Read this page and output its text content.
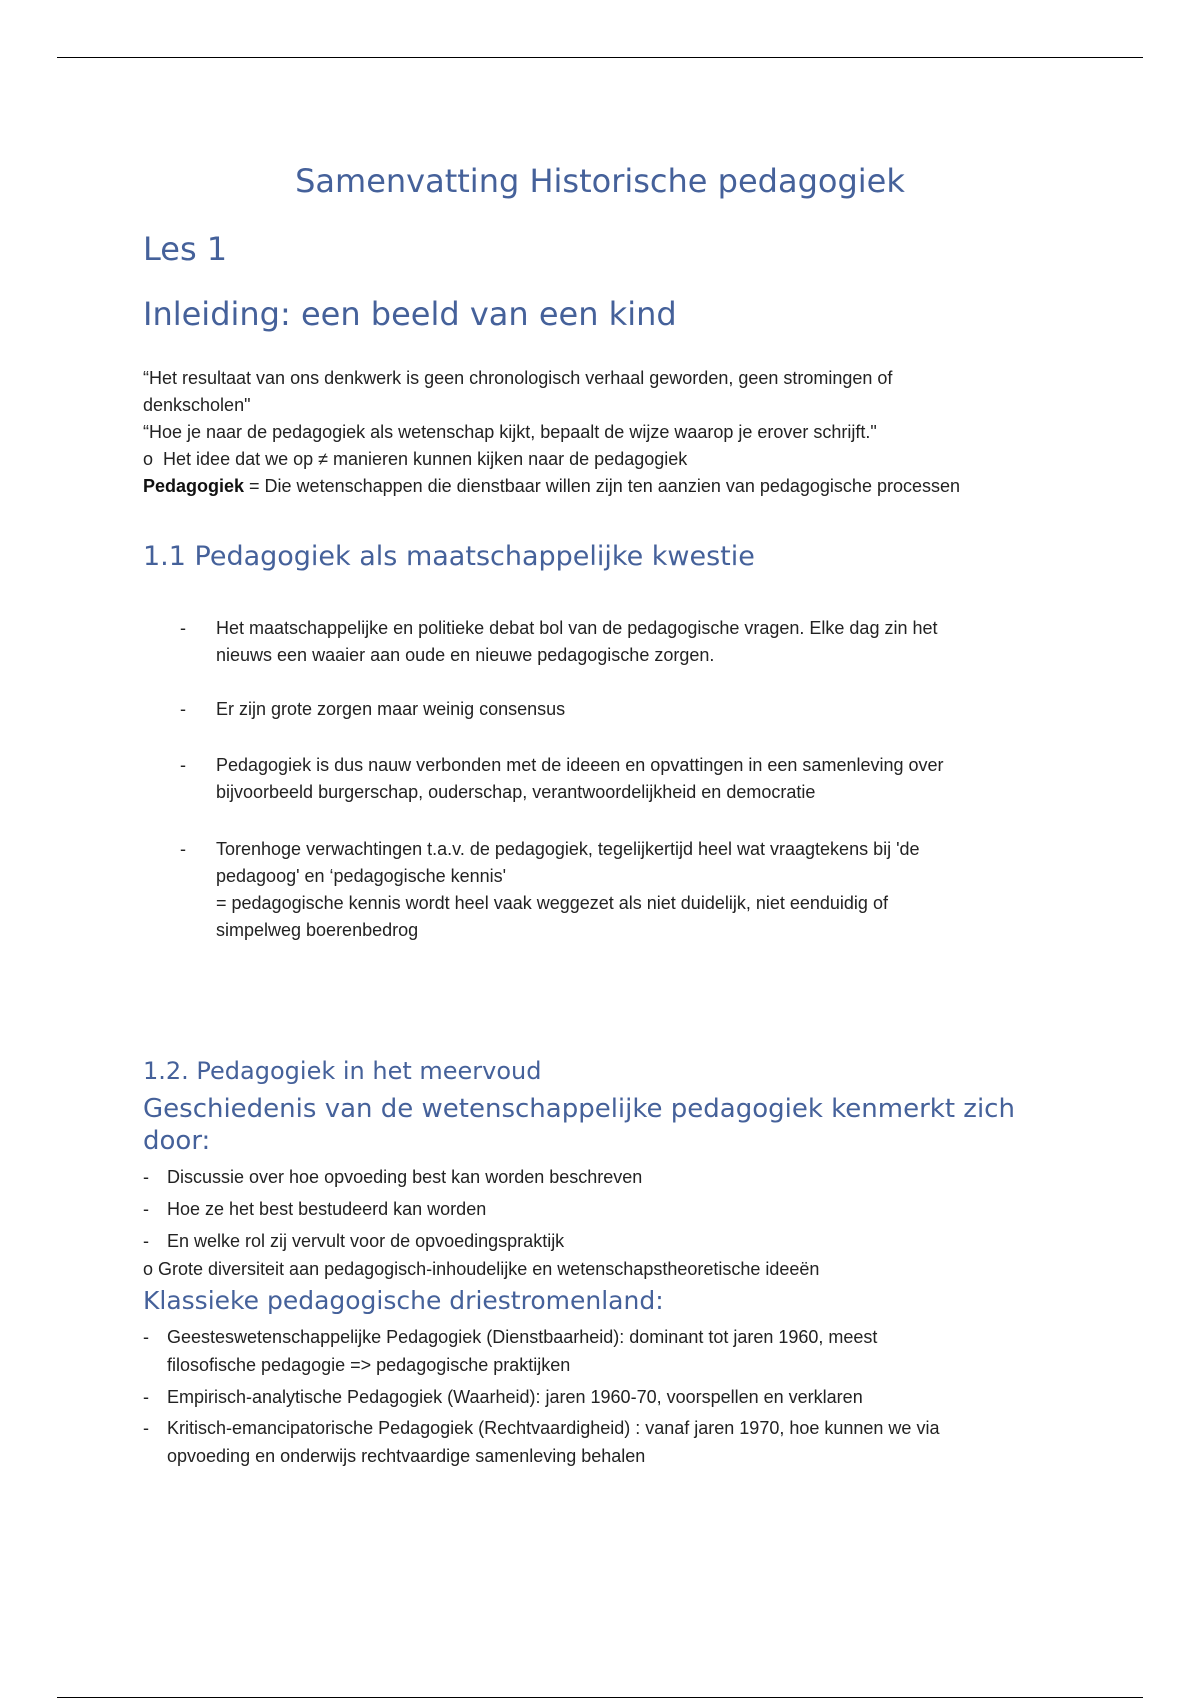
Samenvatting Historische pedagogiek
Les 1
Inleiding: een beeld van een kind
“Het resultaat van ons denkwerk is geen chronologisch verhaal geworden, geen stromingen of
denkscholen"
“Hoe je naar de pedagogiek als wetenschap kijkt, bepaalt de wijze waarop je erover schrijft."
o Het idee dat we op ≠ manieren kunnen kijken naar de pedagogiek
Pedagogiek = Die wetenschappen die dienstbaar willen zijn ten aanzien van pedagogische processen
1.1 Pedagogiek als maatschappelijke kwestie
- Het maatschappelijke en politieke debat bol van de pedagogische vragen. Elke dag zin het
nieuws een waaier aan oude en nieuwe pedagogische zorgen.
- Er zijn grote zorgen maar weinig consensus
- Pedagogiek is dus nauw verbonden met de ideeen en opvattingen in een samenleving over
bijvoorbeeld burgerschap, ouderschap, verantwoordelijkheid en democratie
- Torenhoge verwachtingen t.a.v. de pedagogiek, tegelijkertijd heel wat vraagtekens bij 'de
pedagoog' en ‘pedagogische kennis'
= pedagogische kennis wordt heel vaak weggezet als niet duidelijk, niet eenduidig of
simpelweg boerenbedrog
1.2. Pedagogiek in het meervoud
Geschiedenis van de wetenschappelijke pedagogiek kenmerkt zich door:
- Discussie over hoe opvoeding best kan worden beschreven
- Hoe ze het best bestudeerd kan worden
- En welke rol zij vervult voor de opvoedingspraktijk
o Grote diversiteit aan pedagogisch-inhoudelijke en wetenschapstheoretische ideeën
Klassieke pedagogische driestromenland:
- Geesteswetenschappelijke Pedagogiek (Dienstbaarheid): dominant tot jaren 1960, meest
filosofische pedagogie => pedagogische praktijken
- Empirisch-analytische Pedagogiek (Waarheid): jaren 1960-70, voorspellen en verklaren
- Kritisch-emancipatorische Pedagogiek (Rechtvaardigheid) : vanaf jaren 1970, hoe kunnen we via
opvoeding en onderwijs rechtvaardige samenleving behalen
